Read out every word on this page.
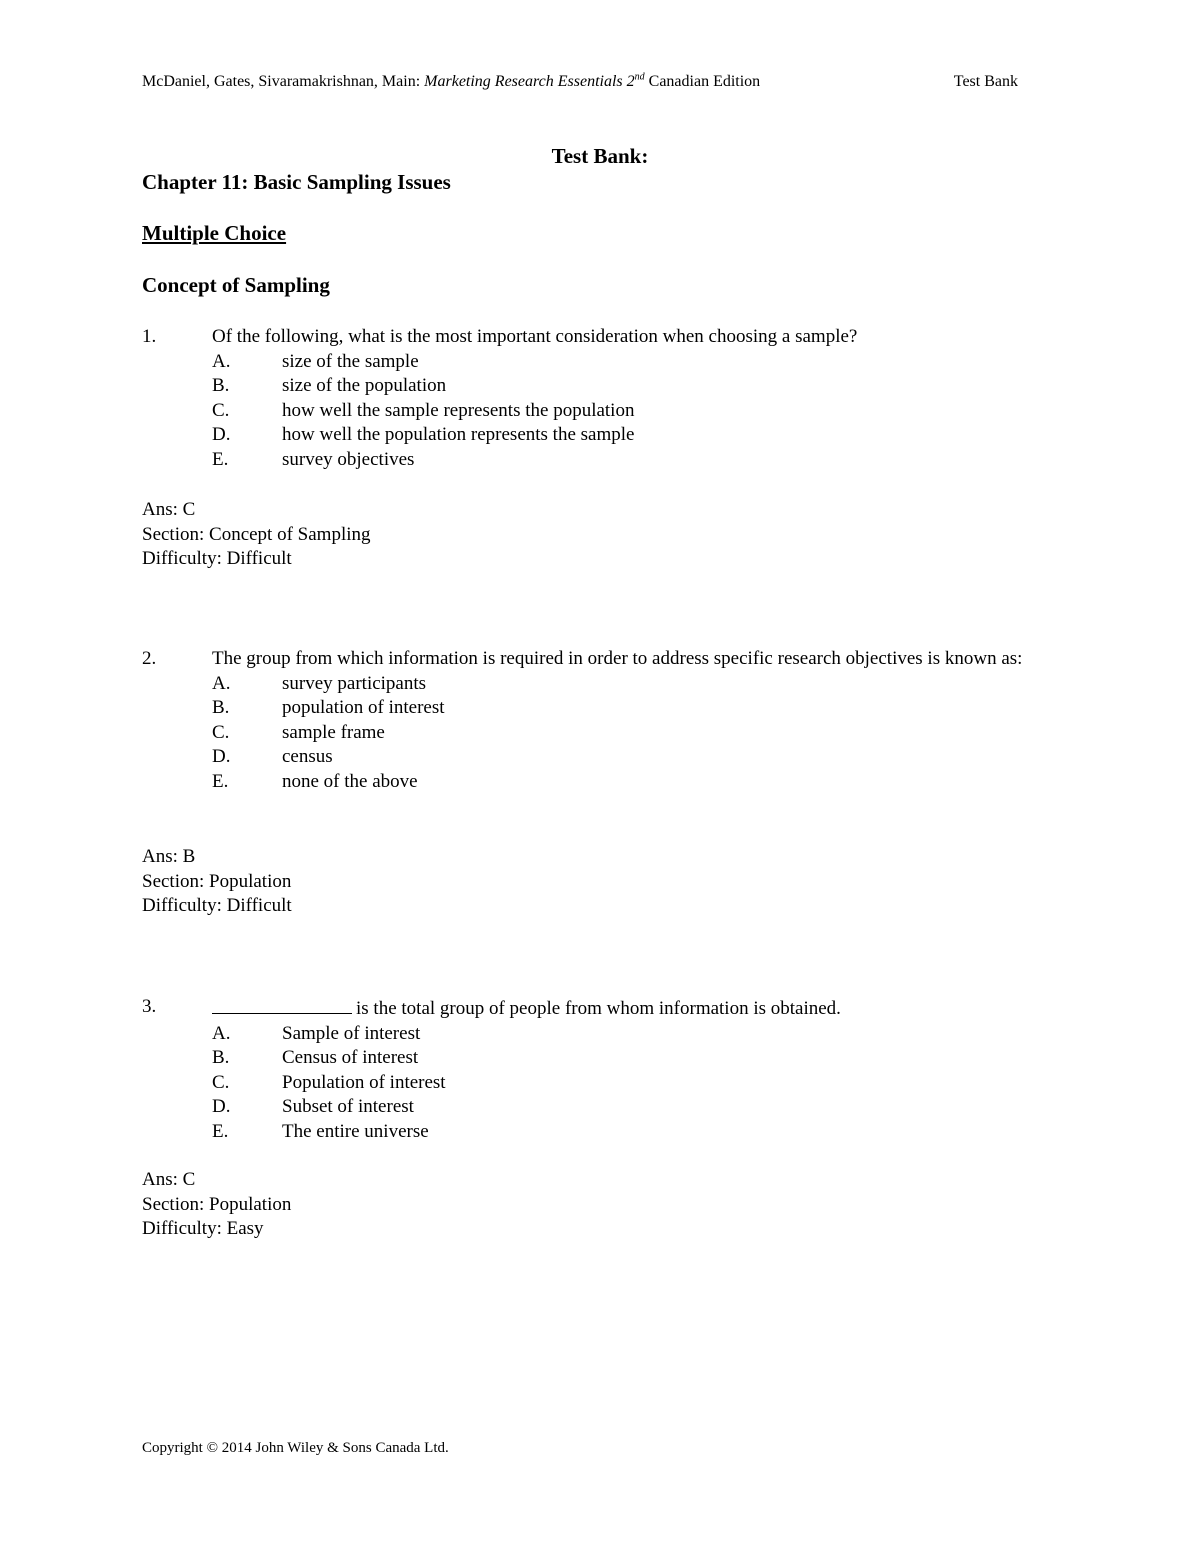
McDaniel, Gates, Sivaramakrishnan, Main: Marketing Research Essentials 2nd Canadian Edition	Test Bank
Test Bank:
Chapter 11: Basic Sampling Issues
Multiple Choice
Concept of Sampling
1.	Of the following, what is the most important consideration when choosing a sample?
A.	size of the sample
B.	size of the population
C.	how well the sample represents the population
D.	how well the population represents the sample
E.	survey objectives
Ans: C
Section: Concept of Sampling
Difficulty: Difficult
2.	The group from which information is required in order to address specific research objectives is known as:
A.	survey participants
B.	population of interest
C.	sample frame
D.	census
E.	none of the above
Ans: B
Section: Population
Difficulty: Difficult
3.	is the total group of people from whom information is obtained.
A.	Sample of interest
B.	Census of interest
C.	Population of interest
D.	Subset of interest
E.	The entire universe
Ans: C
Section: Population
Difficulty: Easy
Copyright © 2014 John Wiley & Sons Canada Ltd.
